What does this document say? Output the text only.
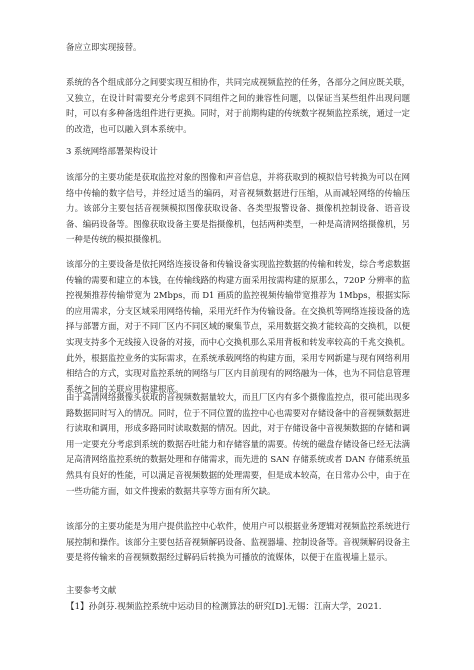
备应立即实现接替。

系统的各个组成部分之间要实现互相协作，共同完成视频监控的任务，各部分之间应既关联，又独立，在设计时需要充分考虑到不同组件之间的兼容性问题，以保证当某些组件出现问题时，可以有多种备选组件进行更换。同时，对于前期构建的传统数字视频监控系统，通过一定的改造，也可以融入到本系统中。

3 系统网络部署架构设计

该部分的主要功能是获取监控对象的图像和声音信息，并将获取到的模拟信号转换为可以在网络中传输的数字信号，并经过适当的编码，对音视频数据进行压缩，从而减轻网络的传输压力。该部分主要包括音视频模拟图像获取设备、各类型报警设备、摄像机控制设备、语音设备、编码设备等。图像获取设备主要是指摄像机，包括两种类型，一种是高清网络摄像机，另一种是传统的模拟摄像机。

该部分的主要设备是依托网络连接设备和传输设备实现监控数据的传输和转发，综合考虑数据传输的需要和建立的本钱，在传输线路的构建方面采用按需构建的原那么，720P 分辨率的监控视频推荐传输带宽为 2Mbps，而 D1 画质的监控视频传输带宽推荐为 1Mbps，根据实际的应用需求，分支区域采用网络传输，采用光纤作为传输设备。在交换机等网络连接设备的选择与部署方面，对于不同厂区内不同区域的聚集节点，采用数据交换才能较高的交换机，以便实现支持多个无线接入设备的对接，而中心交换机那么采用背板和转发率较高的千兆交换机。此外，根据监控业务的实际需求，在系统承载网络的构建方面，采用专网新建与现有网络利用相结合的方式，实现对监控系统的网络与厂区内目前现有的网络融为一体，也为不同信息管理系统之间的关联应用构建根底。

由于高清网络摄像头获取的音视频数据量较大，而且厂区内有多个摄像监控点，很可能出现多路数据同时写入的情况。同时，位于不同位置的监控中心也需要对存储设备中的音视频数据进行读取和调用，形成多路同时读取数据的情况。因此，对于存储设备中音视频数据的存储和调用一定要充分考虑到系统的数据吞吐能力和存储容量的需要。传统的磁盘存储设备已经无法满足高清网络监控系统的数据处理和存储需求，而先进的 SAN 存储系统或者 DAN 存储系统虽然具有良好的性能，可以满足音视频数据的处理需要，但是成本较高，在日常办公中，由于在一些功能方面，如文件搜索的数据共享等方面有所欠缺。

该部分的主要功能是为用户提供监控中心软件，使用户可以根据业务逻辑对视频监控系统进行展控制和操作。该部分主要包括音视频解码设备、监视器墙、控制设备等。音视频解码设备主要是将传输来的音视频数据经过解码后转换为可播放的流媒体，以便于在监视墙上显示。

主要参考文献

【1】孙剑芬.视频监控系统中运动目的检测算法的研究[D].无锡：江南大学，2021.
